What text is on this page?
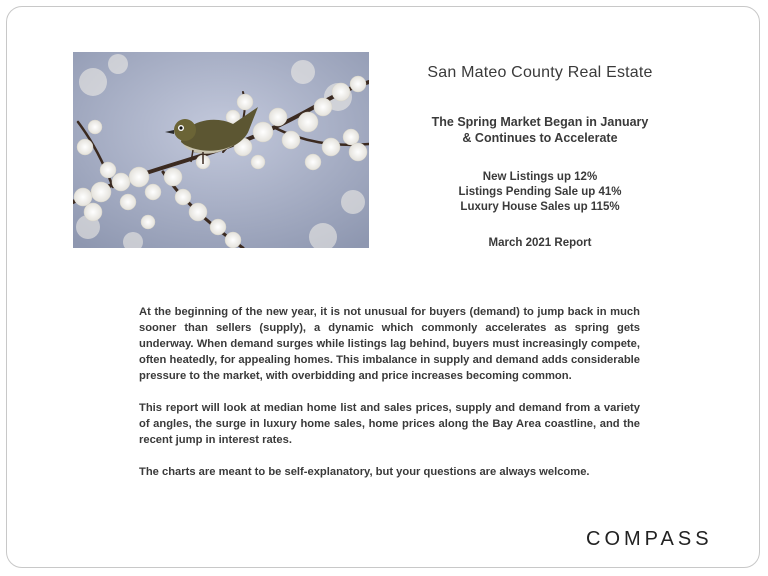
San Mateo County Real Estate
The Spring Market Began in January
& Continues to Accelerate
New Listings up 12%
Listings Pending Sale up 41%
Luxury House Sales up 115%
March 2021 Report

At the beginning of the new year, it is not unusual for buyers (demand) to jump back in much sooner than sellers (supply), a dynamic which commonly accelerates as spring gets underway. When demand surges while listings lag behind, buyers must increasingly compete, often heatedly, for appealing homes. This imbalance in supply and demand adds considerable pressure to the market, with overbidding and price increases becoming common.

This report will look at median home list and sales prices, supply and demand from a variety of angles, the surge in luxury home sales, home prices along the Bay Area coastline, and the recent jump in interest rates.

The charts are meant to be self-explanatory, but your questions are always welcome.

COMPASS
